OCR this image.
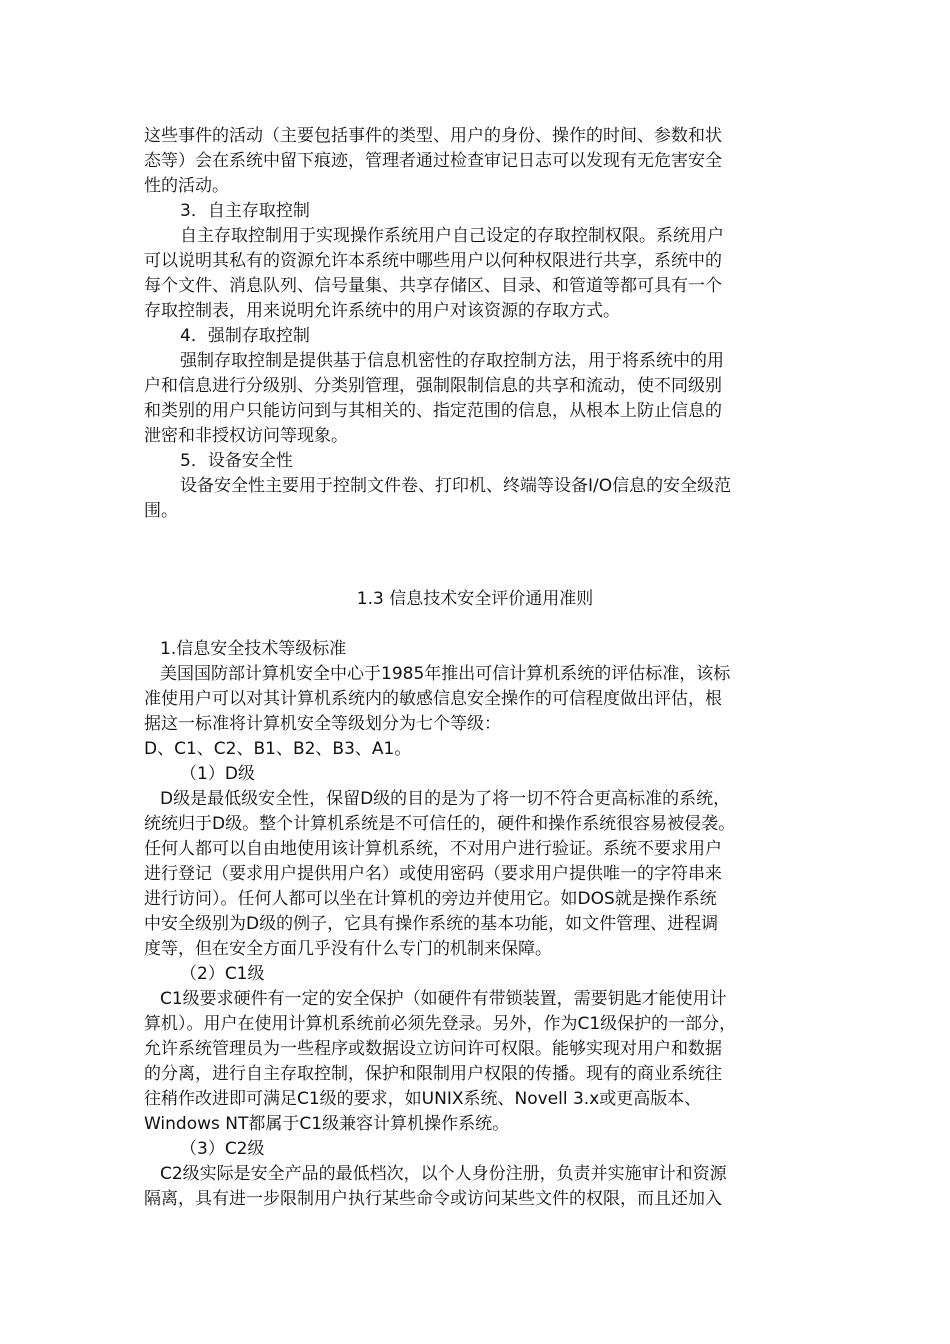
这些事件的活动（主要包括事件的类型、用户的身份、操作的时间、参数和状
态等）会在系统中留下痕迹，管理者通过检查审记日志可以发现有无危害安全
性的活动。
3．自主存取控制
自主存取控制用于实现操作系统用户自己设定的存取控制权限。系统用户
可以说明其私有的资源允许本系统中哪些用户以何种权限进行共享，系统中的
每个文件、消息队列、信号量集、共享存储区、目录、和管道等都可具有一个
存取控制表，用来说明允许系统中的用户对该资源的存取方式。
4．强制存取控制
强制存取控制是提供基于信息机密性的存取控制方法，用于将系统中的用
户和信息进行分级别、分类别管理，强制限制信息的共享和流动，使不同级别
和类别的用户只能访问到与其相关的、指定范围的信息，从根本上防止信息的
泄密和非授权访问等现象。
5．设备安全性
设备安全性主要用于控制文件卷、打印机、终端等设备I/O信息的安全级范
围。
1.3 信息技术安全评价通用准则
1.信息安全技术等级标准
美国国防部计算机安全中心于1985年推出可信计算机系统的评估标准，该标
准使用户可以对其计算机系统内的敏感信息安全操作的可信程度做出评估，根
据这一标准将计算机安全等级划分为七个等级：
D、C1、C2、B1、B2、B3、A1。
（1）D级
D级是最低级安全性，保留D级的目的是为了将一切不符合更高标准的系统，
统统归于D级。整个计算机系统是不可信任的，硬件和操作系统很容易被侵袭。
任何人都可以自由地使用该计算机系统，不对用户进行验证。系统不要求用户
进行登记（要求用户提供用户名）或使用密码（要求用户提供唯一的字符串来
进行访问）。任何人都可以坐在计算机的旁边并使用它。如DOS就是操作系统
中安全级别为D级的例子，它具有操作系统的基本功能，如文件管理、进程调
度等，但在安全方面几乎没有什么专门的机制来保障。
（2）C1级
C1级要求硬件有一定的安全保护（如硬件有带锁装置，需要钥匙才能使用计
算机）。用户在使用计算机系统前必须先登录。另外，作为C1级保护的一部分，
允许系统管理员为一些程序或数据设立访问许可权限。能够实现对用户和数据
的分离，进行自主存取控制，保护和限制用户权限的传播。现有的商业系统往
往稍作改进即可满足C1级的要求，如UNIX系统、Novell 3.x或更高版本、
Windows NT都属于C1级兼容计算机操作系统。
（3）C2级
C2级实际是安全产品的最低档次，以个人身份注册，负责并实施审计和资源
隔离，具有进一步限制用户执行某些命令或访问某些文件的权限，而且还加入
